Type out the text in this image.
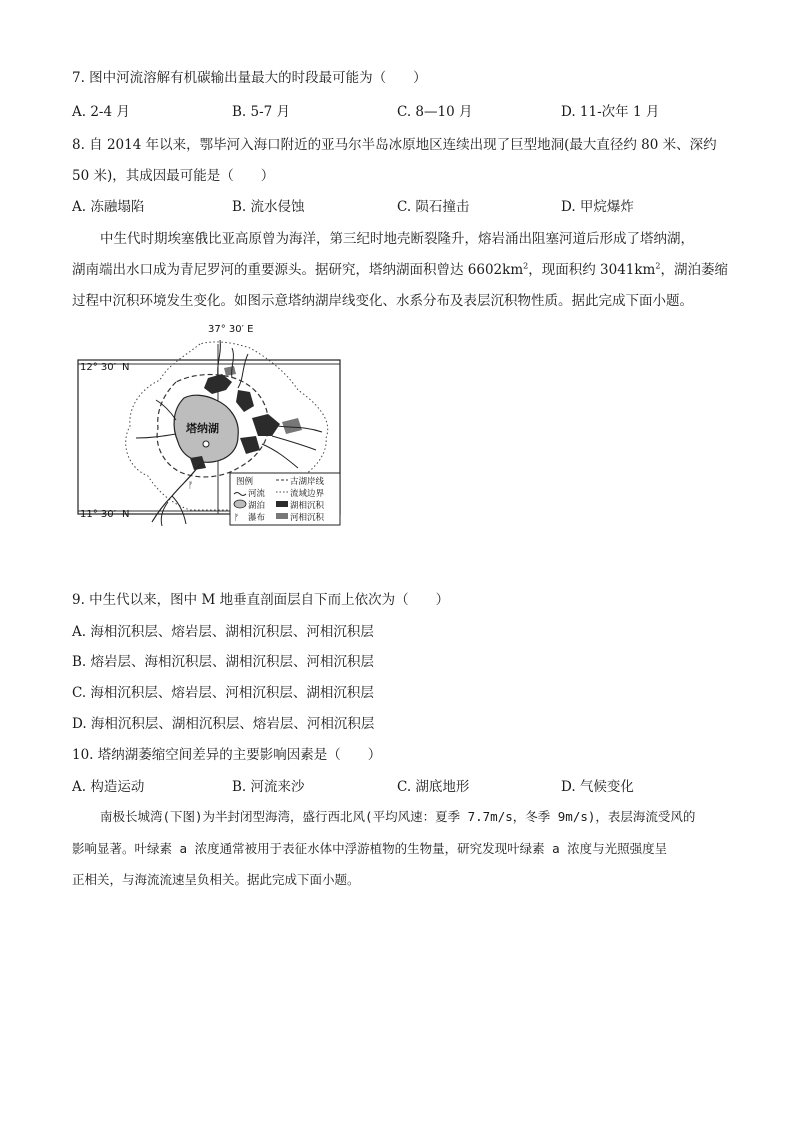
7. 图中河流溶解有机碳输出量最大的时段最可能为（　　）
A. 2-4 月	B. 5-7 月	C. 8—10 月	D. 11-次年 1 月
8. 自 2014 年以来，鄂毕河入海口附近的亚马尔半岛冰原地区连续出现了巨型地洞(最大直径约 80 米、深约
50 米)，其成因最可能是（　　）
A. 冻融塌陷	B. 流水侵蚀	C. 陨石撞击	D. 甲烷爆炸
中生代时期埃塞俄比亚高原曾为海洋，第三纪时地壳断裂隆升，熔岩涌出阻塞河道后形成了塔纳湖，
湖南端出水口成为青尼罗河的重要源头。据研究，塔纳湖面积曾达 $6602km^2$，现面积约 $3041km^2$，湖泊萎缩
过程中沉积环境发生变化。如图示意塔纳湖岸线变化、水系分布及表层沉积物性质。据此完成下面小题。
37° 30′ E
12° 30′ N
11° 30′ N
塔纳湖
ᚠ	图例	古湖岸线
河流	流域边界
湖泊	湖相沉积
ᚠ 瀑布	河相沉积
9. 中生代以来，图中 M 地垂直剖面层自下而上依次为（　　）
A. 海相沉积层、熔岩层、湖相沉积层、河相沉积层
B. 熔岩层、海相沉积层、湖相沉积层、河相沉积层
C. 海相沉积层、熔岩层、河相沉积层、湖相沉积层
D. 海相沉积层、湖相沉积层、熔岩层、河相沉积层
10. 塔纳湖萎缩空间差异的主要影响因素是（　　）
A. 构造运动	B. 河流来沙	C. 湖底地形	D. 气候变化
南极长城湾(下图)为半封闭型海湾，盛行西北风(平均风速：夏季 7.7m/s，冬季 9m/s)，表层海流受风的
影响显著。叶绿素 a 浓度通常被用于表征水体中浮游植物的生物量，研究发现叶绿素 a 浓度与光照强度呈
正相关，与海流流速呈负相关。据此完成下面小题。
